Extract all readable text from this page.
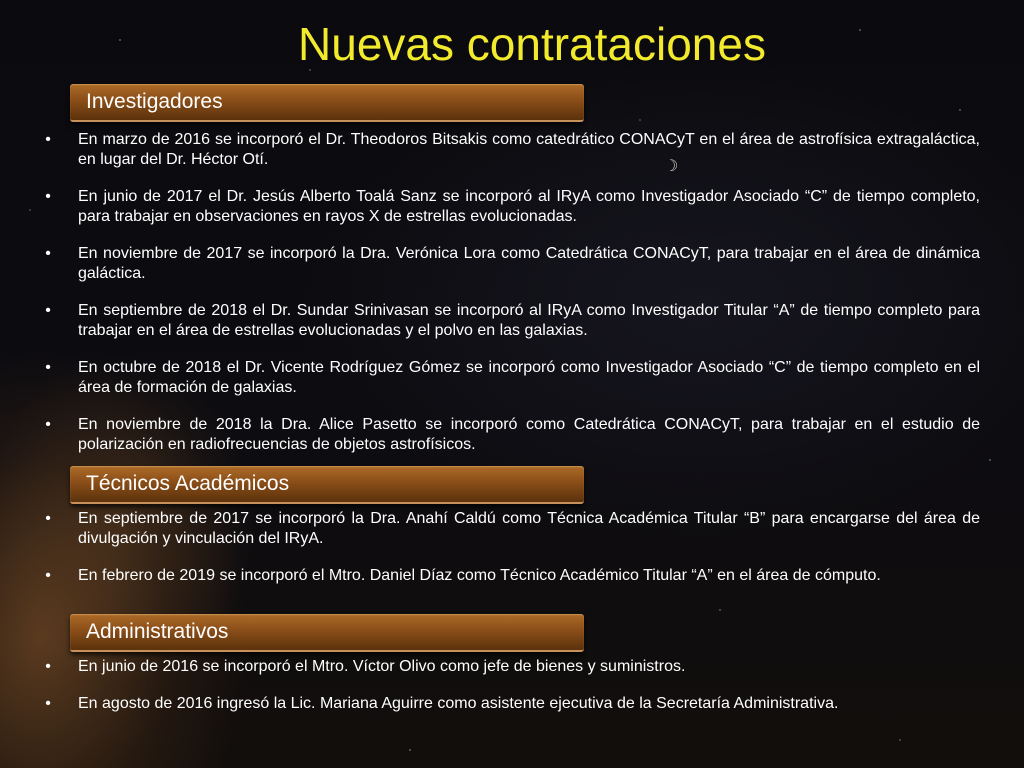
☽
Nuevas contrataciones
Investigadores
• En marzo de 2016 se incorporó el Dr. Theodoros Bitsakis como catedrático CONACyT en el área de astrofísica extragaláctica, en lugar del Dr. Héctor Otí.
• En junio de 2017 el Dr. Jesús Alberto Toalá Sanz se incorporó al IRyA como Investigador Asociado “C” de tiempo completo, para trabajar en observaciones en rayos X de estrellas evolucionadas.
• En noviembre de 2017 se incorporó la Dra. Verónica Lora como Catedrática CONACyT, para trabajar en el área de dinámica galáctica.
• En septiembre de 2018 el Dr. Sundar Srinivasan se incorporó al IRyA como Investigador Titular “A” de tiempo completo para trabajar en el área de estrellas evolucionadas y el polvo en las galaxias.
• En octubre de 2018 el Dr. Vicente Rodríguez Gómez se incorporó como Investigador Asociado “C” de tiempo completo en el área de formación de galaxias.
• En noviembre de 2018 la Dra. Alice Pasetto se incorporó como Catedrática CONACyT, para trabajar en el estudio de polarización en radiofrecuencias de objetos astrofísicos.
Técnicos Académicos
• En septiembre de 2017 se incorporó la Dra. Anahí Caldú como Técnica Académica Titular “B” para encargarse del área de divulgación y vinculación del IRyA.
• En febrero de 2019 se incorporó el Mtro. Daniel Díaz como Técnico Académico Titular “A” en el área de cómputo.
Administrativos
• En junio de 2016 se incorporó el Mtro. Víctor Olivo como jefe de bienes y suministros.
• En agosto de 2016 ingresó la Lic. Mariana Aguirre como asistente ejecutiva de la Secretaría Administrativa.
